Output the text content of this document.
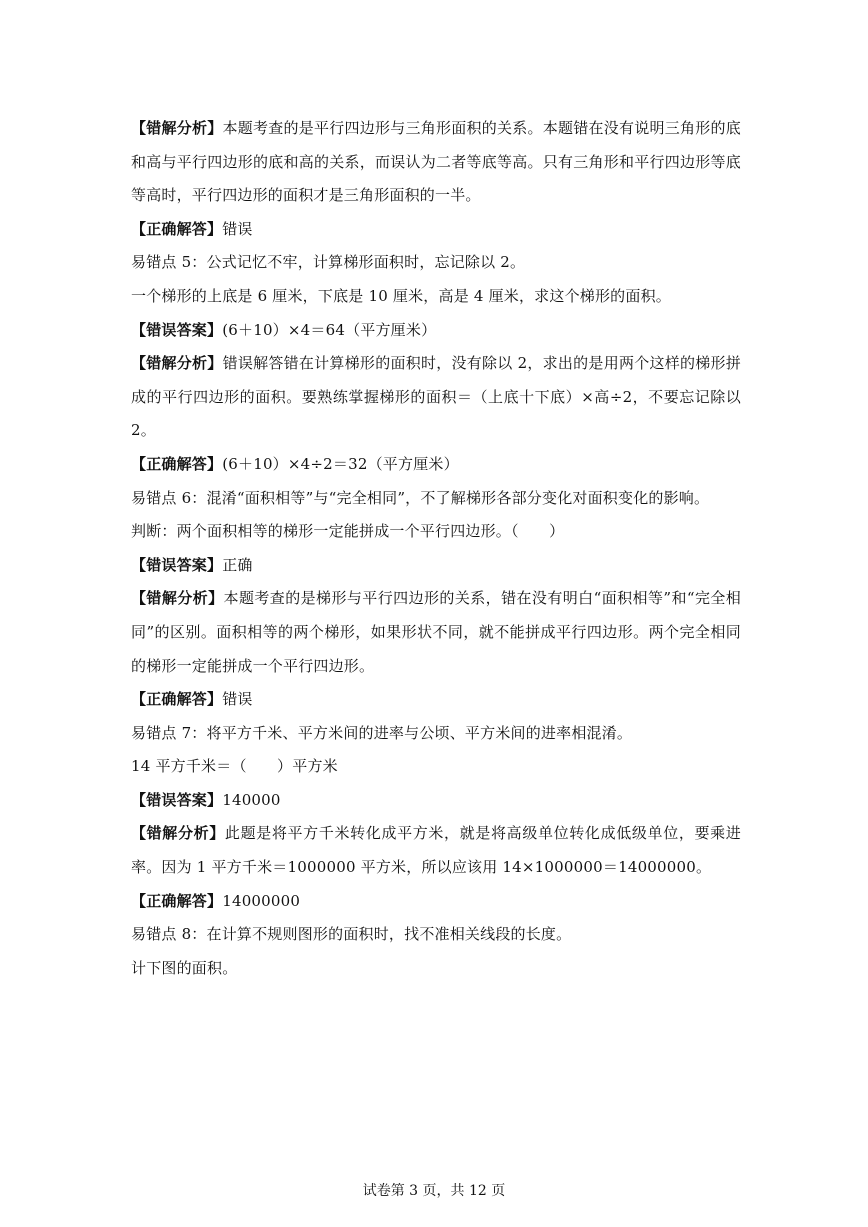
【错解分析】本题考查的是平行四边形与三角形面积的关系。本题错在没有说明三角形的底和高与平行四边形的底和高的关系，而误认为二者等底等高。只有三角形和平行四边形等底等高时，平行四边形的面积才是三角形面积的一半。

【正确解答】错误

易错点 5：公式记忆不牢，计算梯形面积时，忘记除以 2。

一个梯形的上底是 6 厘米，下底是 10 厘米，高是 4 厘米，求这个梯形的面积。

【错误答案】(6＋10）×4＝64（平方厘米）

【错解分析】错误解答错在计算梯形的面积时，没有除以 2，求出的是用两个这样的梯形拼成的平行四边形的面积。要熟练掌握梯形的面积＝（上底十下底）×高÷2，不要忘记除以 2。

【正确解答】(6＋10）×4÷2＝32（平方厘米）

易错点 6：混淆“面积相等”与“完全相同”，不了解梯形各部分变化对面积变化的影响。

判断：两个面积相等的梯形一定能拼成一个平行四边形。（　　）

【错误答案】正确

【错解分析】本题考查的是梯形与平行四边形的关系，错在没有明白“面积相等”和“完全相同”的区别。面积相等的两个梯形，如果形状不同，就不能拼成平行四边形。两个完全相同的梯形一定能拼成一个平行四边形。

【正确解答】错误

易错点 7：将平方千米、平方米间的进率与公顷、平方米间的进率相混淆。

14 平方千米＝（　　）平方米

【错误答案】140000

【错解分析】此题是将平方千米转化成平方米，就是将高级单位转化成低级单位，要乘进率。因为 1 平方千米＝1000000 平方米，所以应该用 14×1000000＝14000000。

【正确解答】14000000

易错点 8：在计算不规则图形的面积时，找不准相关线段的长度。

计下图的面积。

试卷第 3 页，共 12 页
